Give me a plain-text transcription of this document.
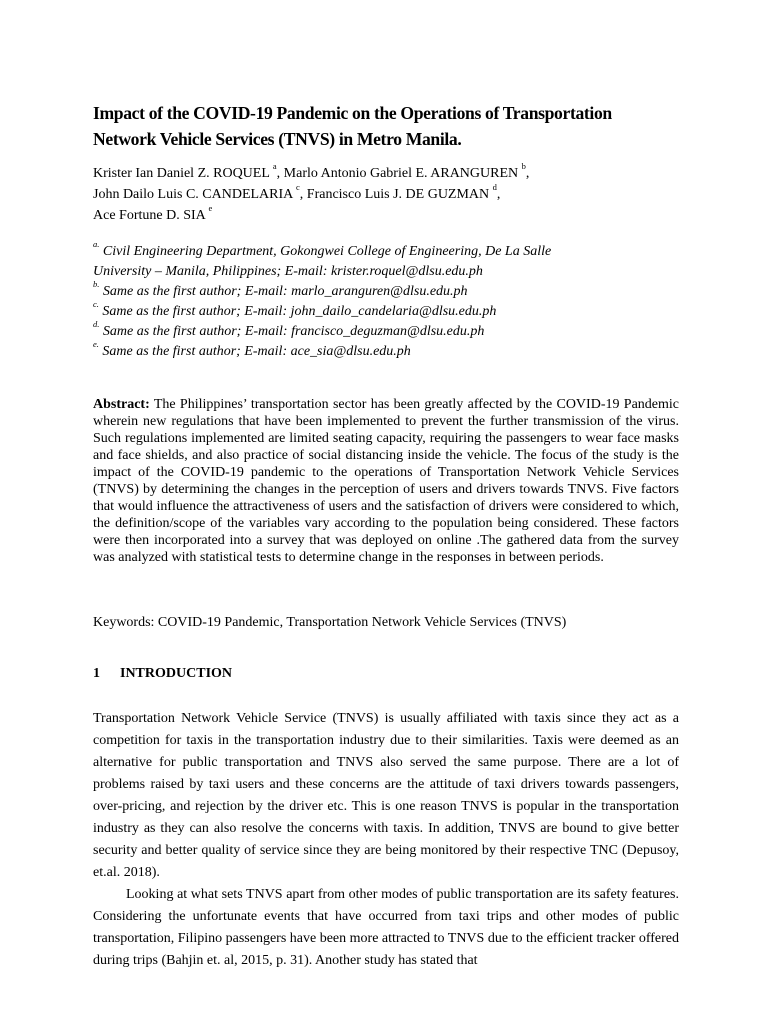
Impact of the COVID-19 Pandemic on the Operations of Transportation
Network Vehicle Services (TNVS) in Metro Manila.
Krister Ian Daniel Z. ROQUEL $^a$, Marlo Antonio Gabriel E. ARANGUREN $^b$,
John Dailo Luis C. CANDELARIA $^c$, Francisco Luis J. DE GUZMAN $^d$,
Ace Fortune D. SIA $^e$
$^{a.}$ Civil Engineering Department, Gokongwei College of Engineering, De La Salle
University – Manila, Philippines; E-mail: krister.roquel@dlsu.edu.ph
$^{b.}$ Same as the first author; E-mail: marlo_aranguren@dlsu.edu.ph
$^{c.}$ Same as the first author; E-mail: john_dailo_candelaria@dlsu.edu.ph
$^{d.}$ Same as the first author; E-mail: francisco_deguzman@dlsu.edu.ph
$^{e.}$ Same as the first author; E-mail: ace_sia@dlsu.edu.ph
Abstract: The Philippines’ transportation sector has been greatly affected by the COVID-19 Pandemic wherein new regulations that have been implemented to prevent the further transmission of the virus. Such regulations implemented are limited seating capacity, requiring the passengers to wear face masks and face shields, and also practice of social distancing inside the vehicle. The focus of the study is the impact of the COVID-19 pandemic to the operations of Transportation Network Vehicle Services (TNVS) by determining the changes in the perception of users and drivers towards TNVS. Five factors that would influence the attractiveness of users and the satisfaction of drivers were considered to which, the definition/scope of the variables vary according to the population being considered. These factors were then incorporated into a survey that was deployed on online .The gathered data from the survey was analyzed with statistical tests to determine change in the responses in between periods.
Keywords: COVID-19 Pandemic, Transportation Network Vehicle Services (TNVS)
1 INTRODUCTION

Transportation Network Vehicle Service (TNVS) is usually affiliated with taxis since they act as a competition for taxis in the transportation industry due to their similarities. Taxis were deemed as an alternative for public transportation and TNVS also served the same purpose. There are a lot of problems raised by taxi users and these concerns are the attitude of taxi drivers towards passengers, over-pricing, and rejection by the driver etc. This is one reason TNVS is popular in the transportation industry as they can also resolve the concerns with taxis. In addition, TNVS are bound to give better security and better quality of service since they are being monitored by their respective TNC (Depusoy, et.al. 2018).

Looking at what sets TNVS apart from other modes of public transportation are its safety features. Considering the unfortunate events that have occurred from taxi trips and other modes of public transportation, Filipino passengers have been more attracted to TNVS due to the efficient tracker offered during trips (Bahjin et. al, 2015, p. 31). Another study has stated that
